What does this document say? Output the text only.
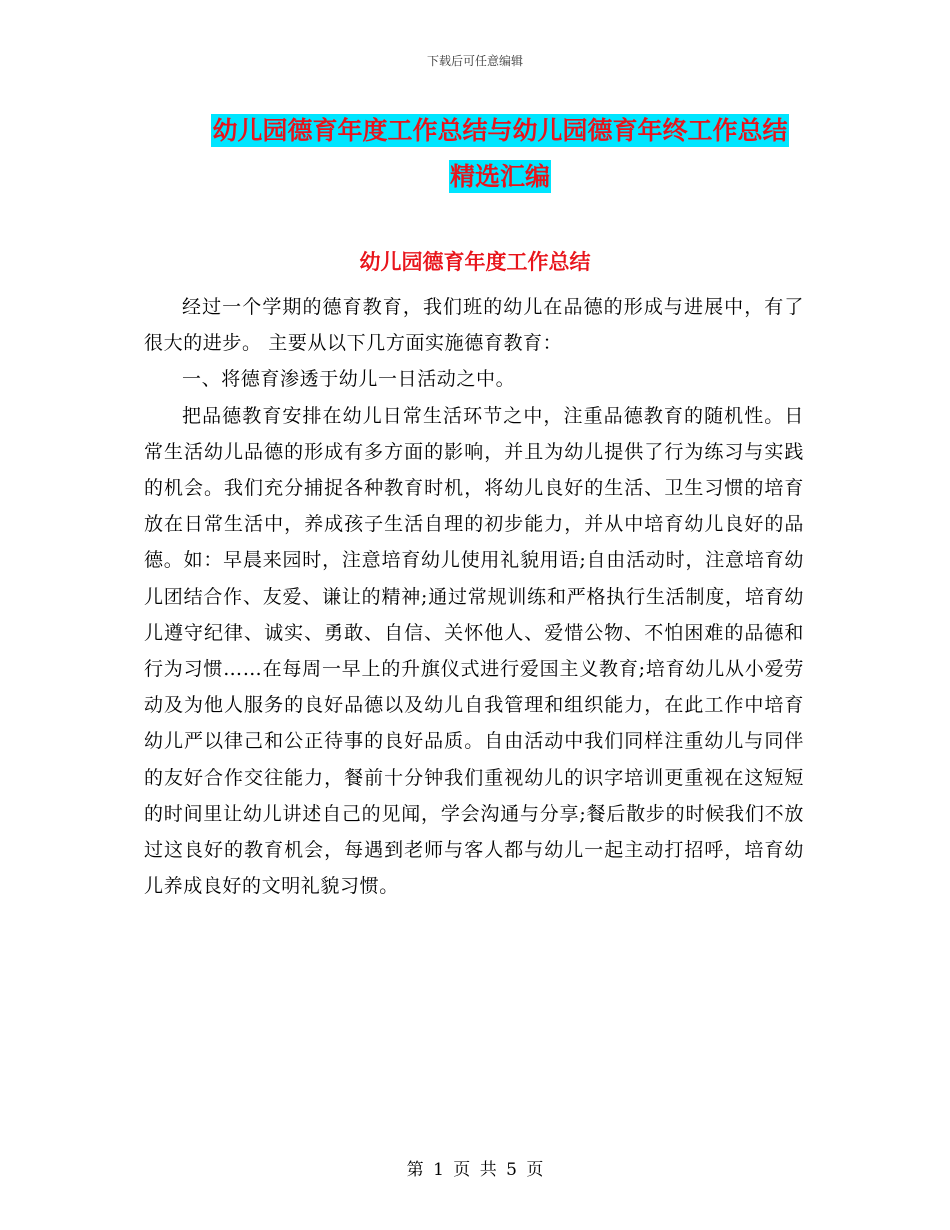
下载后可任意编辑

幼儿园德育年度工作总结与幼儿园德育年终工作总结
精选汇编
幼儿园德育年度工作总结

经过一个学期的德育教育，我们班的幼儿在品德的形成与进展中，有了很大的进步。 主要从以下几方面实施德育教育：

一、将德育渗透于幼儿一日活动之中。

把品德教育安排在幼儿日常生活环节之中，注重品德教育的随机性。日常生活幼儿品德的形成有多方面的影响，并且为幼儿提供了行为练习与实践的机会。我们充分捕捉各种教育时机，将幼儿良好的生活、卫生习惯的培育放在日常生活中，养成孩子生活自理的初步能力，并从中培育幼儿良好的品德。如：早晨来园时，注意培育幼儿使用礼貌用语;自由活动时，注意培育幼儿团结合作、友爱、谦让的精神;通过常规训练和严格执行生活制度，培育幼儿遵守纪律、诚实、勇敢、自信、关怀他人、爱惜公物、不怕困难的品德和行为习惯……在每周一早上的升旗仪式进行爱国主义教育;培育幼儿从小爱劳动及为他人服务的良好品德以及幼儿自我管理和组织能力，在此工作中培育幼儿严以律己和公正待事的良好品质。自由活动中我们同样注重幼儿与同伴的友好合作交往能力，餐前十分钟我们重视幼儿的识字培训更重视在这短短的时间里让幼儿讲述自己的见闻，学会沟通与分享;餐后散步的时候我们不放过这良好的教育机会，每遇到老师与客人都与幼儿一起主动打招呼，培育幼儿养成良好的文明礼貌习惯。

第 1 页 共 5 页
